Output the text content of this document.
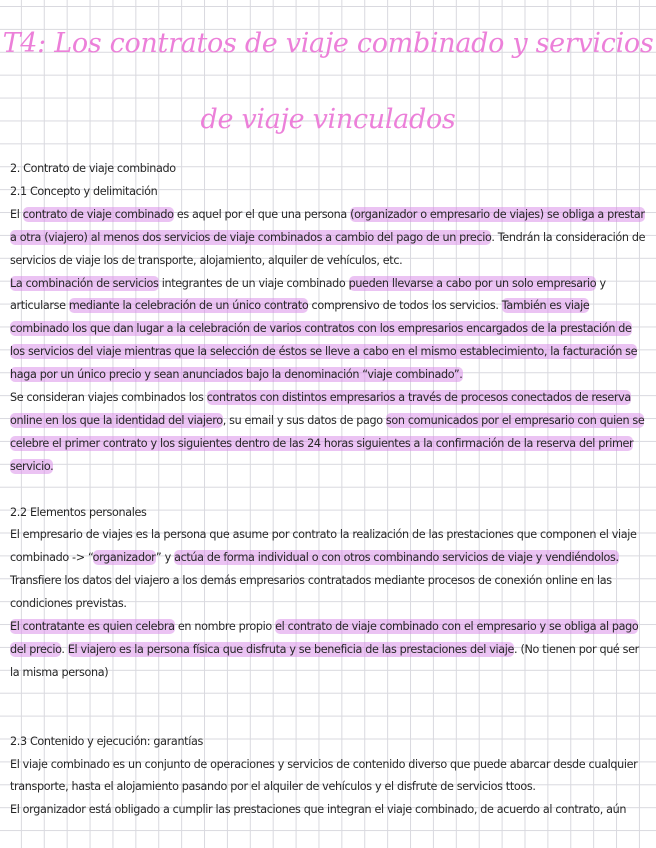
T4: Los contratos de viaje combinado y servicios
de viaje vinculados

2. Contrato de viaje combinado

2.1 Concepto y delimitación

El contrato de viaje combinado es aquel por el que una persona (organizador o empresario de viajes) se obliga a prestar a otra (viajero) al menos dos servicios de viaje combinados a cambio del pago de un precio. Tendrán la consideración de servicios de viaje los de transporte, alojamiento, alquiler de vehículos, etc.

La combinación de servicios integrantes de un viaje combinado pueden llevarse a cabo por un solo empresario y articularse mediante la celebración de un único contrato comprensivo de todos los servicios. También es viaje combinado los que dan lugar a la celebración de varios contratos con los empresarios encargados de la prestación de los servicios del viaje mientras que la selección de éstos se lleve a cabo en el mismo establecimiento, la facturación se haga por un único precio y sean anunciados bajo la denominación “viaje combinado”.

Se consideran viajes combinados los contratos con distintos empresarios a través de procesos conectados de reserva online en los que la identidad del viajero, su email y sus datos de pago son comunicados por el empresario con quien se celebre el primer contrato y los siguientes dentro de las 24 horas siguientes a la confirmación de la reserva del primer servicio.

2.2 Elementos personales

El empresario de viajes es la persona que asume por contrato la realización de las prestaciones que componen el viaje combinado -> “organizador” y actúa de forma individual o con otros combinando servicios de viaje y vendiéndolos. Transfiere los datos del viajero a los demás empresarios contratados mediante procesos de conexión online en las condiciones previstas.

El contratante es quien celebra en nombre propio el contrato de viaje combinado con el empresario y se obliga al pago del precio. El viajero es la persona física que disfruta y se beneficia de las prestaciones del viaje. (No tienen por qué ser la misma persona)

2.3 Contenido y ejecución: garantías

El viaje combinado es un conjunto de operaciones y servicios de contenido diverso que puede abarcar desde cualquier transporte, hasta el alojamiento pasando por el alquiler de vehículos y el disfrute de servicios ttoos.

El organizador está obligado a cumplir las prestaciones que integran el viaje combinado, de acuerdo al contrato, aún
